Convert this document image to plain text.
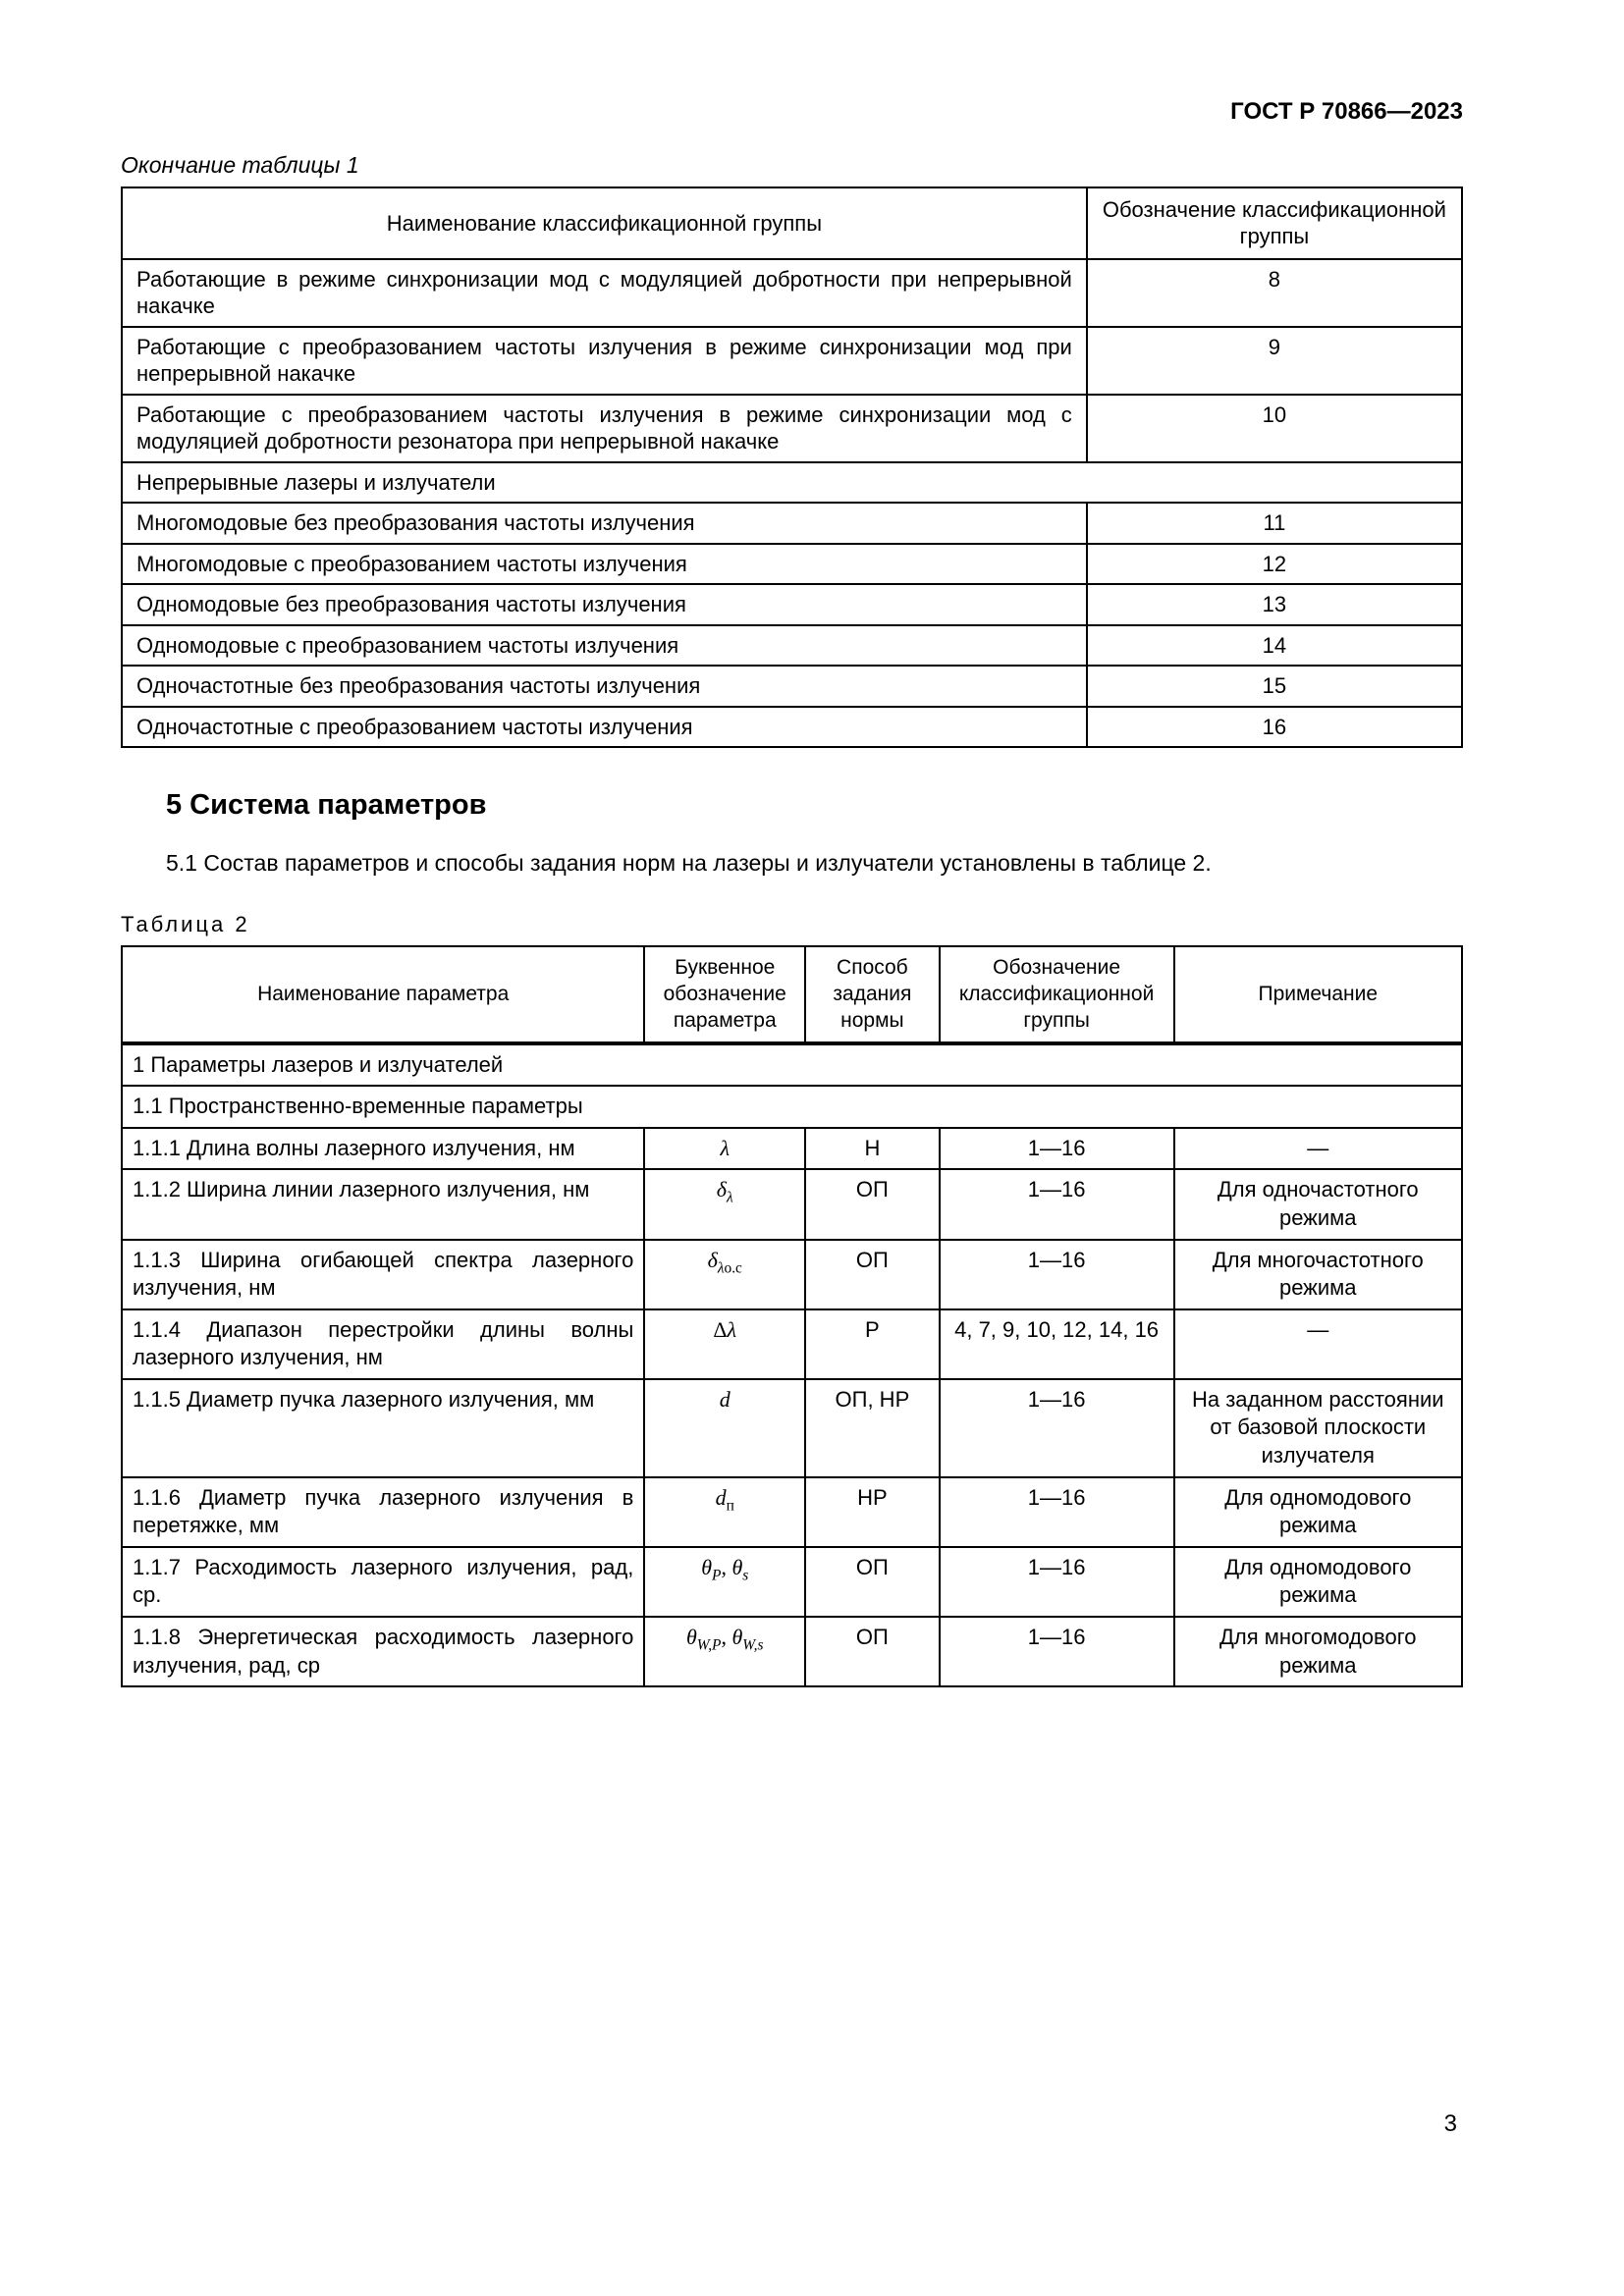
ГОСТ Р 70866—2023
Окончание таблицы 1
Наименование классификационной группы	Обозначение классификационной группы
Работающие в режиме синхронизации мод с модуляцией добротности при непрерывной накачке	8
Работающие с преобразованием частоты излучения в режиме синхронизации мод при непрерывной накачке	9
Работающие с преобразованием частоты излучения в режиме синхронизации мод с модуляцией добротности резонатора при непрерывной накачке	10
Непрерывные лазеры и излучатели	
Многомодовые без преобразования частоты излучения	11
Многомодовые с преобразованием частоты излучения	12
Одномодовые без преобразования частоты излучения	13
Одномодовые с преобразованием частоты излучения	14
Одночастотные без преобразования частоты излучения	15
Одночастотные с преобразованием частоты излучения	16
5 Система параметров

5.1 Состав параметров и способы задания норм на лазеры и излучатели установлены в таблице 2.

Таблица 2
Наименование параметра	Буквенное обозначение параметра	Способ задания нормы	Обозначение классификационной группы	Примечание
1 Параметры лазеров и излучателей				
1.1 Пространственно-временные параметры				
1.1.1 Длина волны лазерного излучения, нм	λ	Н	1—16	—
1.1.2 Ширина линии лазерного излучения, нм	$\delta_\lambda$	ОП	1—16	Для одночастотного режима
1.1.3 Ширина огибающей спектра лазерного излучения, нм	$\delta_{\lambda о.с}$	ОП	1—16	Для многочастотного режима
1.1.4 Диапазон перестройки длины волны лазерного излучения, нм	Δλ	Р	4, 7, 9, 10, 12, 14, 16	—
1.1.5 Диаметр пучка лазерного излучения, мм	d	ОП, НР	1—16	На заданном расстоянии от базовой плоскости излучателя
1.1.6 Диаметр пучка лазерного излучения в перетяжке, мм	$d_п$	НР	1—16	Для одномодового режима
1.1.7 Расходимость лазерного излучения, рад, ср.	$\theta_P$, $\theta_s$	ОП	1—16	Для одномодового режима
1.1.8 Энергетическая расходимость лазерного излучения, рад, ср	$\theta_{W,P}$, $\theta_{W,s}$	ОП	1—16	Для многомодового режима
3
